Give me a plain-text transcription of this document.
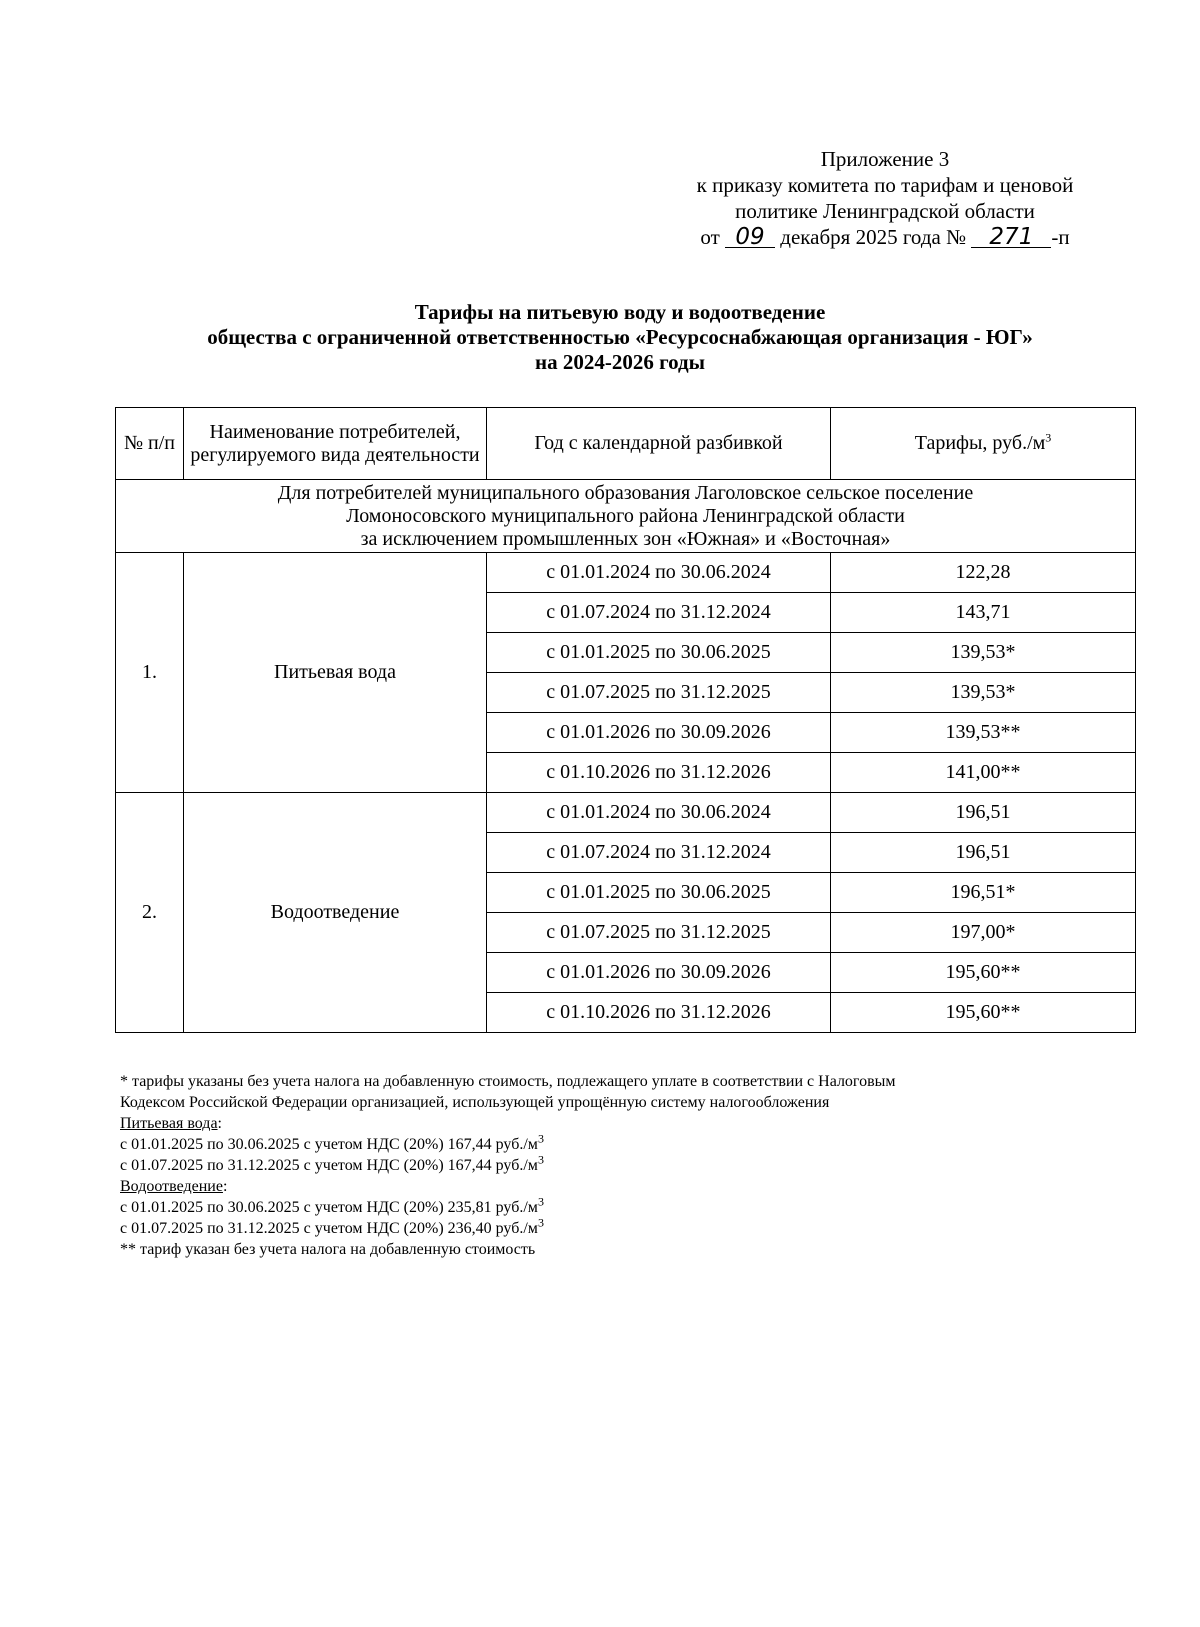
Приложение 3
к приказу комитета по тарифам и ценовой
политике Ленинградской области
от 09 декабря 2025 года № 271 -п
Тарифы на питьевую воду и водоотведение
общества с ограниченной ответственностью «Ресурсоснабжающая организация - ЮГ»
на 2024-2026 годы
№ п/п	Наименование потребителей, регулируемого вида деятельности	Год с календарной разбивкой	Тарифы, $руб./м^3$

Для потребителей муниципального образования Лаголовское сельское поселение
Ломоносовского муниципального района Ленинградской области
за исключением промышленных зон «Южная» и «Восточная»			

1.	Питьевая вода	с 01.01.2024 по 30.06.2024	122,28
		с 01.07.2024 по 31.12.2024	143,71
		с 01.01.2025 по 30.06.2025	139,53*
		с 01.07.2025 по 31.12.2025	139,53*
		с 01.01.2026 по 30.09.2026	139,53**
		с 01.10.2026 по 31.12.2026	141,00**
2.	Водоотведение	с 01.01.2024 по 30.06.2024	196,51
		с 01.07.2024 по 31.12.2024	196,51
		с 01.01.2025 по 30.06.2025	196,51*
		с 01.07.2025 по 31.12.2025	197,00*
		с 01.01.2026 по 30.09.2026	195,60**
		с 01.10.2026 по 31.12.2026	195,60**
* тарифы указаны без учета налога на добавленную стоимость, подлежащего уплате в соответствии с Налоговым
Кодексом Российской Федерации организацией, использующей упрощённую систему налогообложения
Питьевая вода:
с 01.01.2025 по 30.06.2025 с учетом НДС (20%) 167,44 $руб./м^3$
с 01.07.2025 по 31.12.2025 с учетом НДС (20%) 167,44 $руб./м^3$
Водоотведение:
с 01.01.2025 по 30.06.2025 с учетом НДС (20%) 235,81 $руб./м^3$
с 01.07.2025 по 31.12.2025 с учетом НДС (20%) 236,40 $руб./м^3$
** тариф указан без учета налога на добавленную стоимость
